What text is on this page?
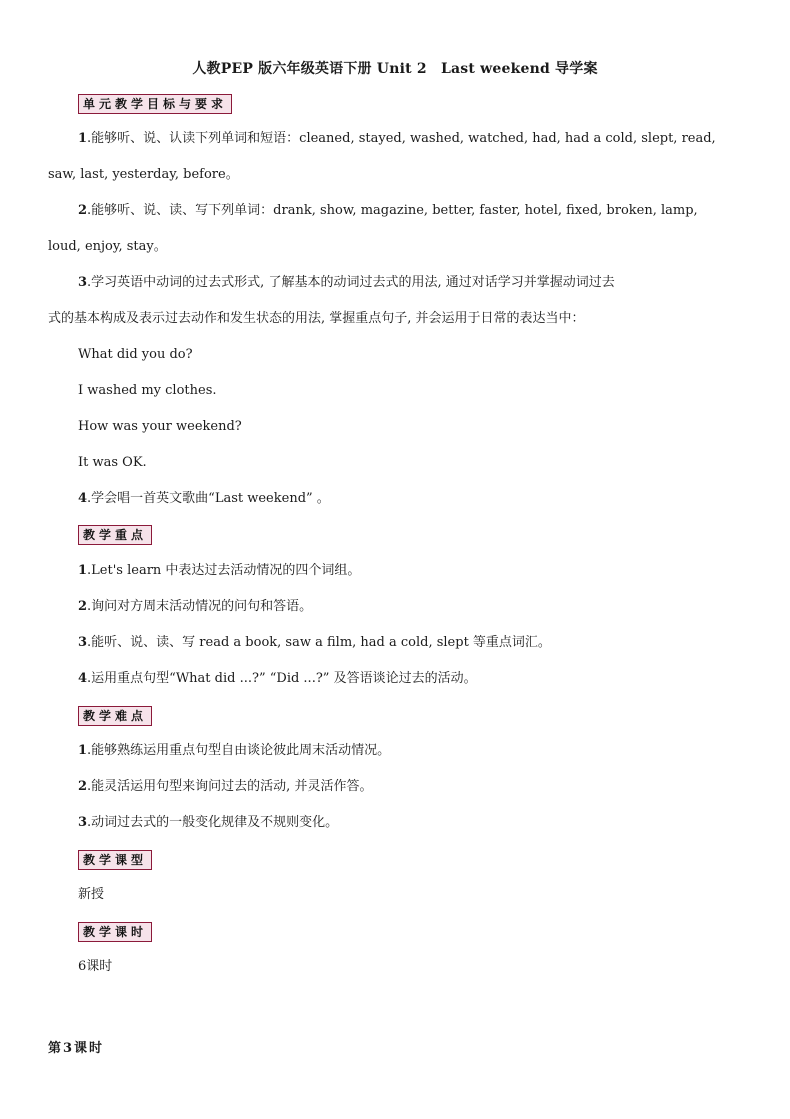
人教PEP 版六年级英语下册 Unit 2　Last weekend 导学案
单元教学目标与要求
1.能够听、说、认读下列单词和短语：cleaned, stayed, washed, watched, had, had a cold, slept, read,
saw, last, yesterday, before。
2.能够听、说、读、写下列单词：drank, show, magazine, better, faster, hotel, fixed, broken, lamp,
loud, enjoy, stay。
3.学习英语中动词的过去式形式, 了解基本的动词过去式的用法, 通过对话学习并掌握动词过去
式的基本构成及表示过去动作和发生状态的用法, 掌握重点句子, 并会运用于日常的表达当中：
What did you do?
I washed my clothes.
How was your weekend?
It was OK.
4.学会唱一首英文歌曲“Last weekend” 。
教学重点
1.Let's learn 中表达过去活动情况的四个词组。
2.询问对方周末活动情况的问句和答语。
3.能听、说、读、写 read a book, saw a film, had a cold, slept 等重点词汇。
4.运用重点句型“What did ...?” “Did ...?” 及答语谈论过去的活动。
教学难点
1.能够熟练运用重点句型自由谈论彼此周末活动情况。
2.能灵活运用句型来询问过去的活动, 并灵活作答。
3.动词过去式的一般变化规律及不规则变化。
教学课型
新授
教学课时
6课时
第3课时
